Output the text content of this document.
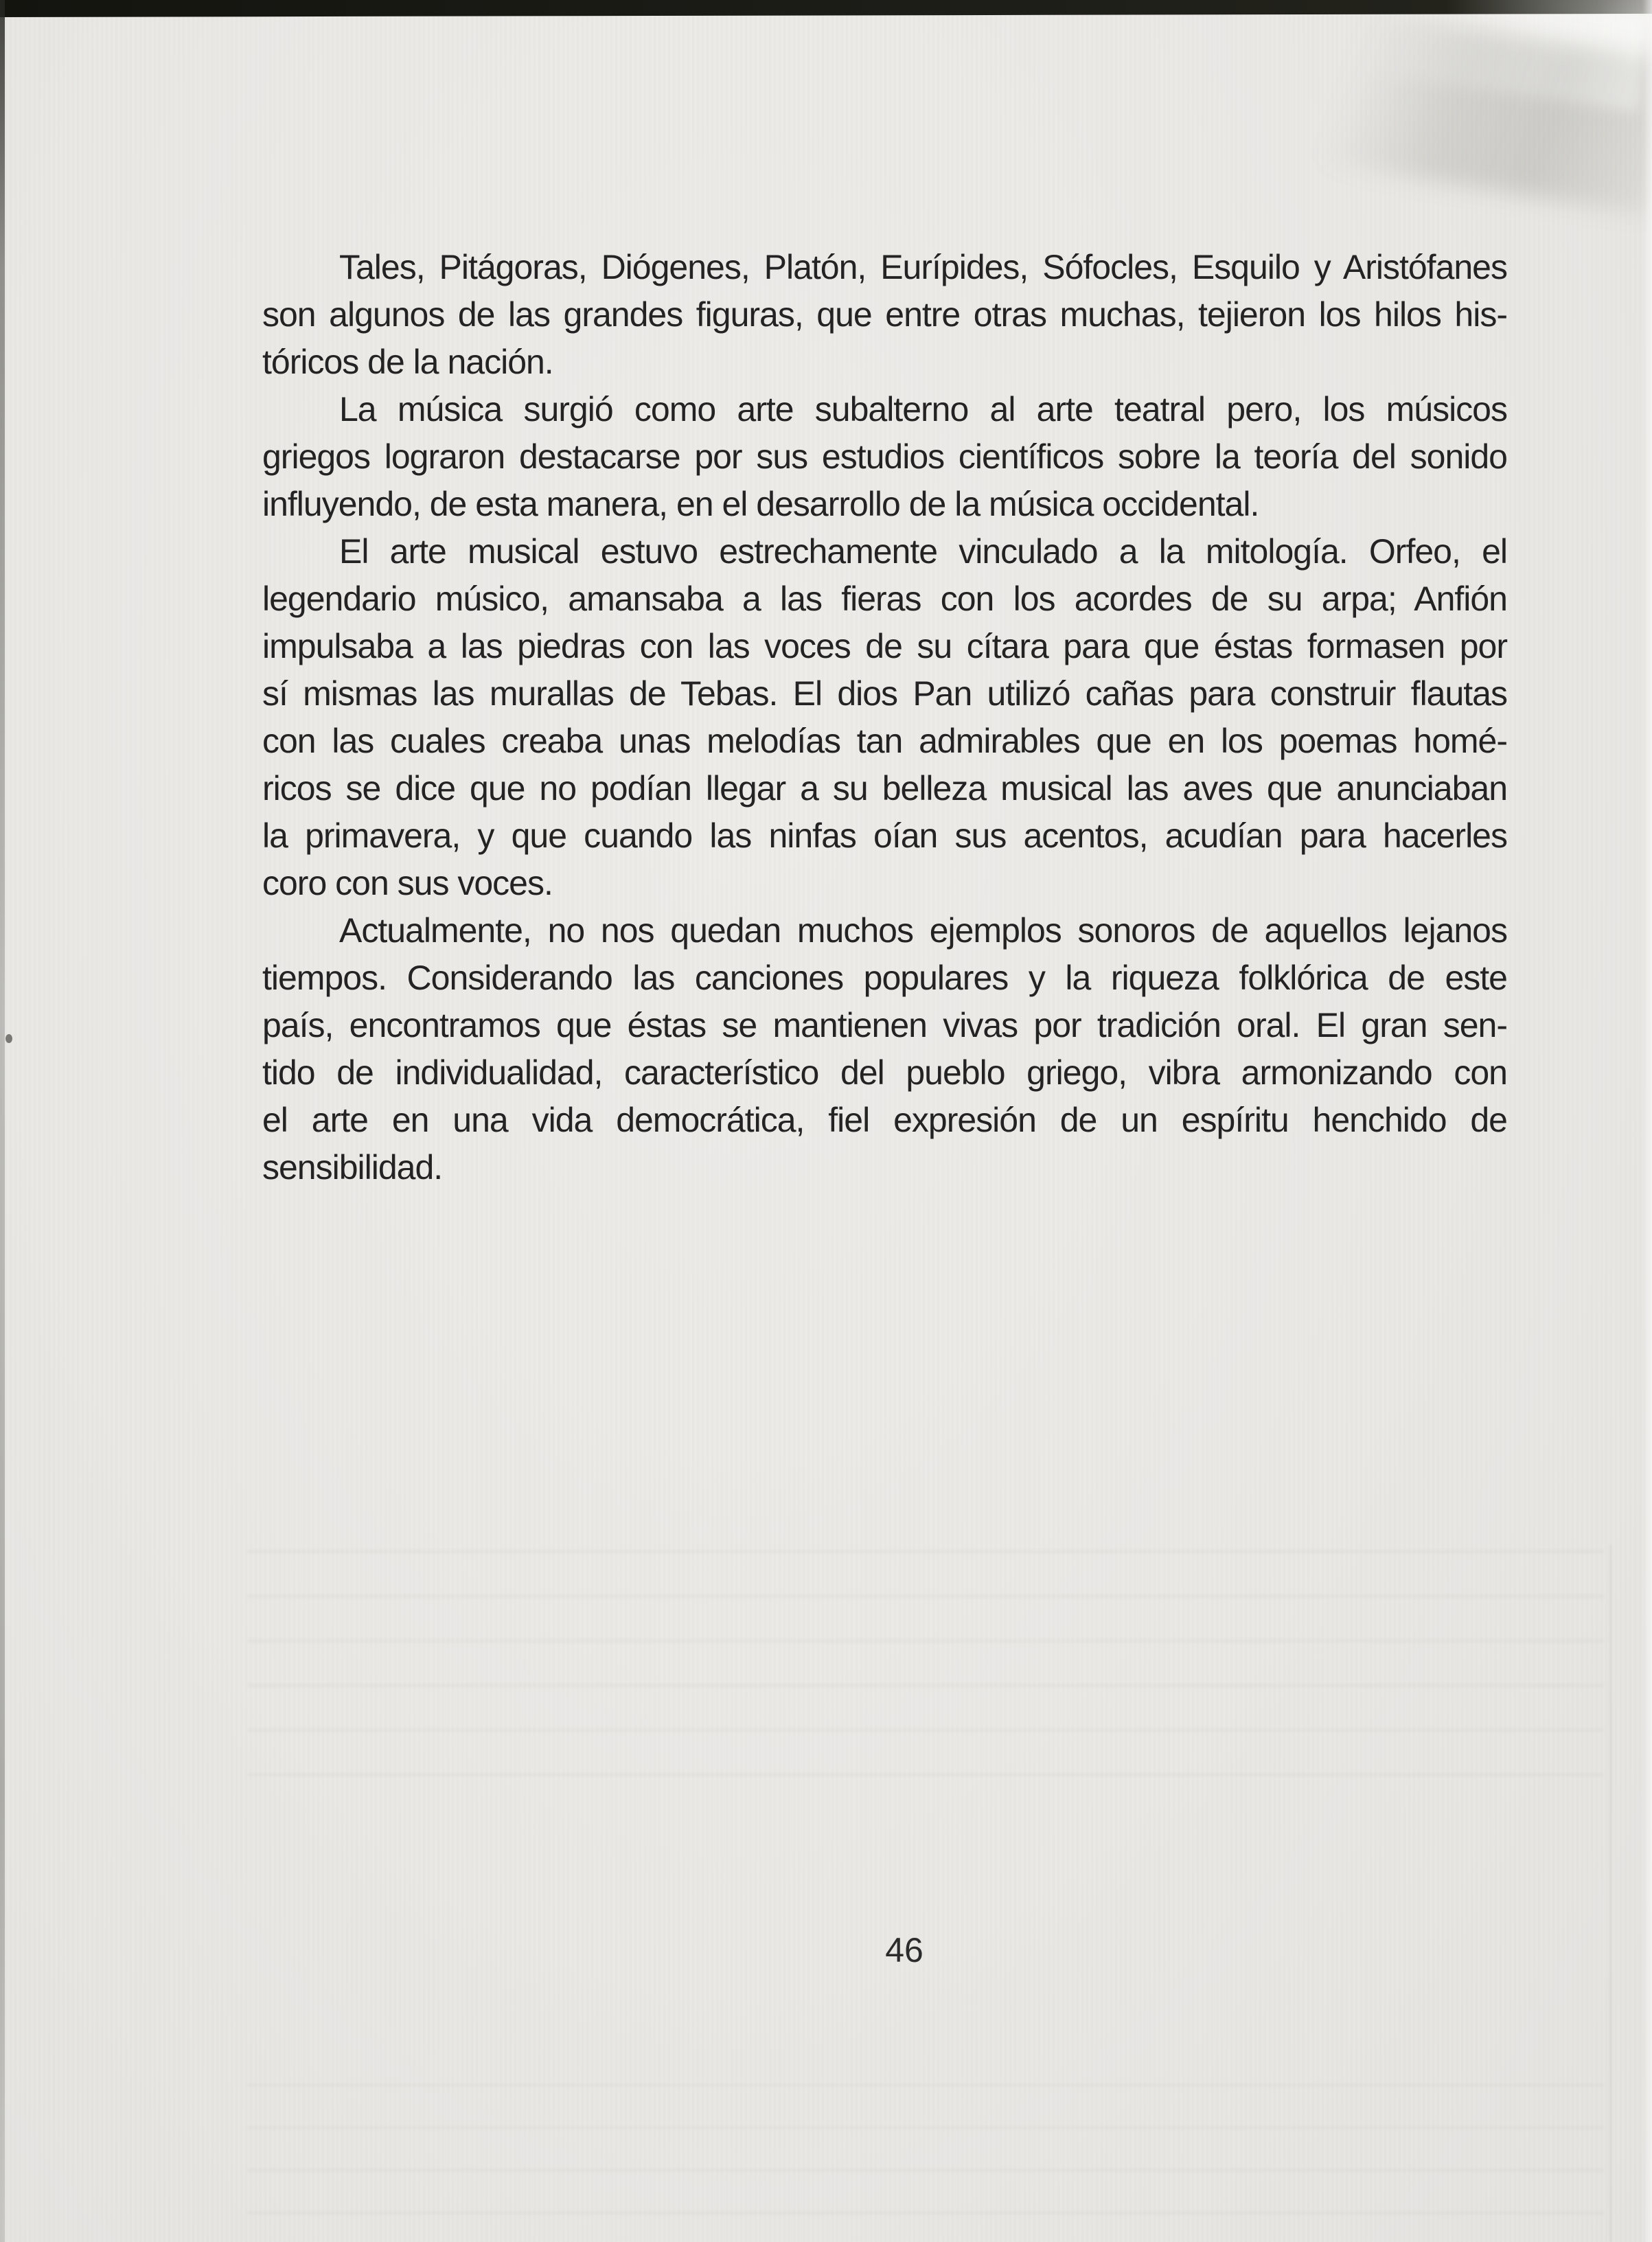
Tales, Pitágoras, Diógenes, Platón, Eurípides, Sófocles, Esquilo y Aristófanes
son algunos de las grandes figuras, que entre otras muchas, tejieron los hilos his-
tóricos de la nación.

La música surgió como arte subalterno al arte teatral pero, los músicos
griegos lograron destacarse por sus estudios científicos sobre la teoría del sonido
influyendo, de esta manera, en el desarrollo de la música occidental.

El arte musical estuvo estrechamente vinculado a la mitología. Orfeo, el
legendario músico, amansaba a las fieras con los acordes de su arpa; Anfión
impulsaba a las piedras con las voces de su cítara para que éstas formasen por
sí mismas las murallas de Tebas. El dios Pan utilizó cañas para construir flautas
con las cuales creaba unas melodías tan admirables que en los poemas homé-
ricos se dice que no podían llegar a su belleza musical las aves que anunciaban
la primavera, y que cuando las ninfas oían sus acentos, acudían para hacerles
coro con sus voces.

Actualmente, no nos quedan muchos ejemplos sonoros de aquellos lejanos
tiempos. Considerando las canciones populares y la riqueza folklórica de este
país, encontramos que éstas se mantienen vivas por tradición oral. El gran sen-
tido de individualidad, característico del pueblo griego, vibra armonizando con
el arte en una vida democrática, fiel expresión de un espíritu henchido de
sensibilidad.

46
